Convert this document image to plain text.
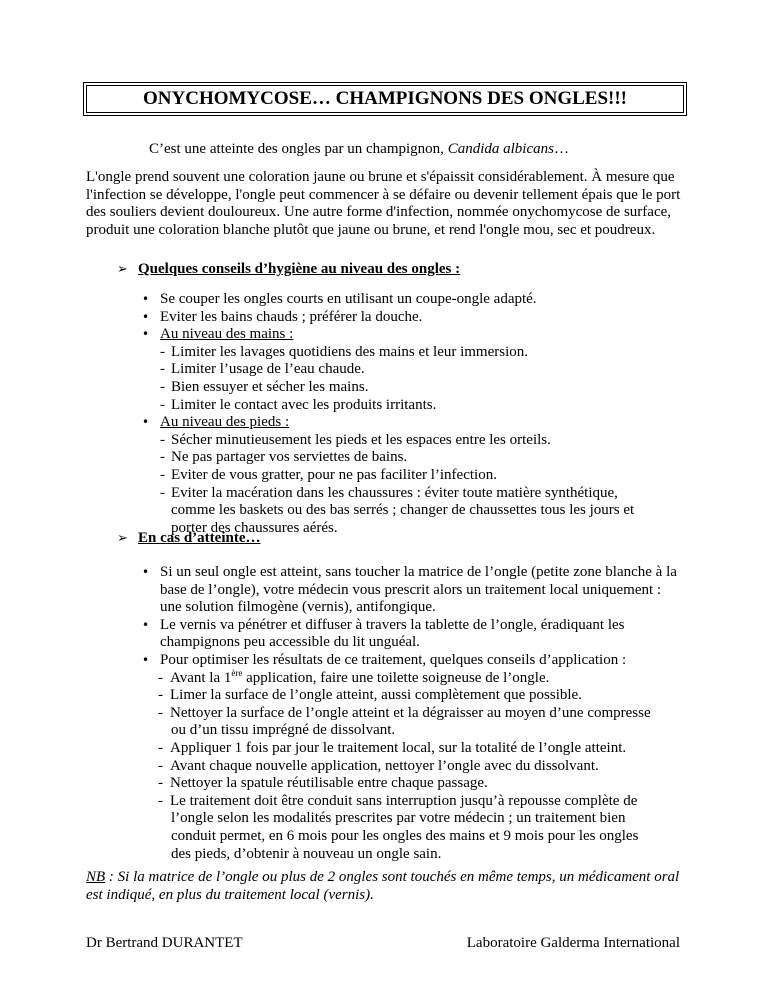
ONYCHOMYCOSE… CHAMPIGNONS DES ONGLES!!!
C’est une atteinte des ongles par un champignon, Candida albicans…
L'ongle prend souvent une coloration jaune ou brune et s'épaissit considérablement. À mesure que l'infection se développe, l'ongle peut commencer à se défaire ou devenir tellement épais que le port des souliers devient douloureux. Une autre forme d'infection, nommée onychomycose de surface, produit une coloration blanche plutôt que jaune ou brune, et rend l'ongle mou, sec et poudreux.
➢ Quelques conseils d’hygiène au niveau des ongles :
• Se couper les ongles courts en utilisant un coupe-ongle adapté.
• Eviter les bains chauds ; préférer la douche.
• Au niveau des mains :
- Limiter les lavages quotidiens des mains et leur immersion.
- Limiter l’usage de l’eau chaude.
- Bien essuyer et sécher les mains.
- Limiter le contact avec les produits irritants.
• Au niveau des pieds :
- Sécher minutieusement les pieds et les espaces entre les orteils.
- Ne pas partager vos serviettes de bains.
- Eviter de vous gratter, pour ne pas faciliter l’infection.
- Eviter la macération dans les chaussures : éviter toute matière synthétique,
comme les baskets ou des bas serrés ; changer de chaussettes tous les jours et
porter des chaussures aérés.
➢ En cas d’atteinte…
• Si un seul ongle est atteint, sans toucher la matrice de l’ongle (petite zone blanche à la base de l’ongle), votre médecin vous prescrit alors un traitement local uniquement : une solution filmogène (vernis), antifongique.
• Le vernis va pénétrer et diffuser à travers la tablette de l’ongle, éradiquant les champignons peu accessible du lit unguéal.
• Pour optimiser les résultats de ce traitement, quelques conseils d’application :
- Avant la 1ère application, faire une toilette soigneuse de l’ongle.
- Limer la surface de l’ongle atteint, aussi complètement que possible.
- Nettoyer la surface de l’ongle atteint et la dégraisser au moyen d’une compresse
ou d’un tissu imprégné de dissolvant.
- Appliquer 1 fois par jour le traitement local, sur la totalité de l’ongle atteint.
- Avant chaque nouvelle application, nettoyer l’ongle avec du dissolvant.
- Nettoyer la spatule réutilisable entre chaque passage.
- Le traitement doit être conduit sans interruption jusqu’à repousse complète de
l’ongle selon les modalités prescrites par votre médecin ; un traitement bien
conduit permet, en 6 mois pour les ongles des mains et 9 mois pour les ongles
des pieds, d’obtenir à nouveau un ongle sain.
NB : Si la matrice de l’ongle ou plus de 2 ongles sont touchés en même temps, un médicament oral est indiqué, en plus du traitement local (vernis).
Dr Bertrand DURANTET	Laboratoire Galderma International
